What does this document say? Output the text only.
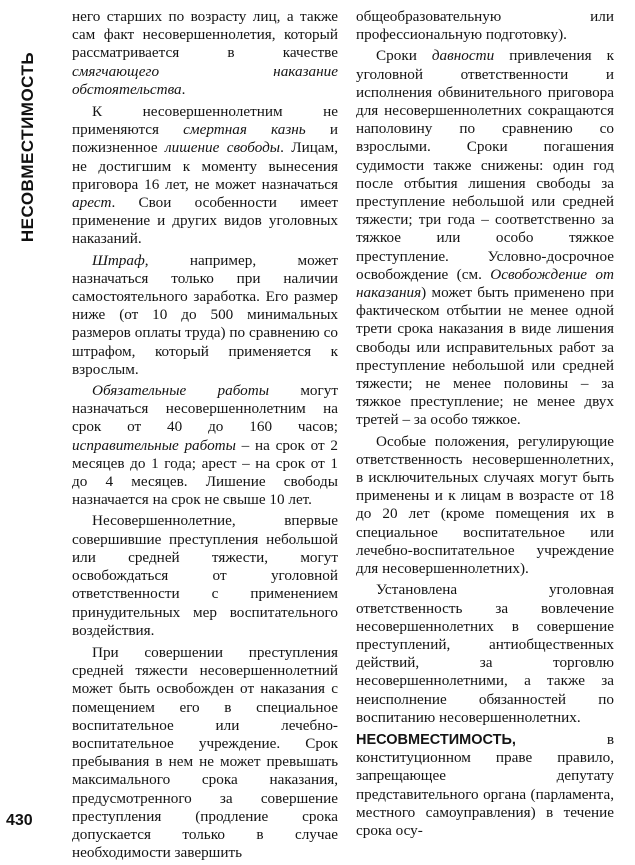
НЕСОВМЕСТИМОСТЬ
430

него старших по возрасту лиц, а также сам факт несовершеннолетия, который рассматривается в качестве смягчающего наказание обстоятельства.

К несовершеннолетним не применяются смертная казнь и пожизненное лишение свободы. Лицам, не достигшим к моменту вынесения приговора 16 лет, не может назначаться арест. Свои особенности имеет применение и других видов уголовных наказаний.

Штраф, например, может назначаться только при наличии самостоятельного заработка. Его размер ниже (от 10 до 500 минимальных размеров оплаты труда) по сравнению со штрафом, который применяется к взрослым.

Обязательные работы могут назначаться несовершеннолетним на срок от 40 до 160 часов; исправительные работы – на срок от 2 месяцев до 1 года; арест – на срок от 1 до 4 месяцев. Лишение свободы назначается на срок не свыше 10 лет.

Несовершеннолетние, впервые совершившие преступления небольшой или средней тяжести, могут освобождаться от уголовной ответственности с применением принудительных мер воспитательного воздействия.

При совершении преступления средней тяжести несовершеннолетний может быть освобожден от наказания с помещением его в специальное воспитательное или лечебно-воспитательное учреждение. Срок пребывания в нем не может превышать максимального срока наказания, предусмотренного за совершение преступления (продление срока допускается только в случае необходимости завершить

общеобразовательную или профессиональную подготовку).

Сроки давности привлечения к уголовной ответственности и исполнения обвинительного приговора для несовершеннолетних сокращаются наполовину по сравнению со взрослыми. Сроки погашения судимости также снижены: один год после отбытия лишения свободы за преступление небольшой или средней тяжести; три года – соответственно за тяжкое или особо тяжкое преступление. Условно-досрочное освобождение (см. Освобождение от наказания) может быть применено при фактическом отбытии не менее одной трети срока наказания в виде лишения свободы или исправительных работ за преступление небольшой или средней тяжести; не менее половины – за тяжкое преступление; не менее двух третей – за особо тяжкое.

Особые положения, регулирующие ответственность несовершеннолетних, в исключительных случаях могут быть применены и к лицам в возрасте от 18 до 20 лет (кроме помещения их в специальное воспитательное или лечебно-воспитательное учреждение для несовершеннолетних).

Установлена уголовная ответственность за вовлечение несовершеннолетних в совершение преступлений, антиобщественных действий, за торговлю несовершеннолетними, а также за неисполнение обязанностей по воспитанию несовершеннолетних.

НЕСОВМЕСТИМОСТЬ, в конституционном праве правило, запрещающее депутату представительного органа (парламента, местного самоуправления) в течение срока осу-
